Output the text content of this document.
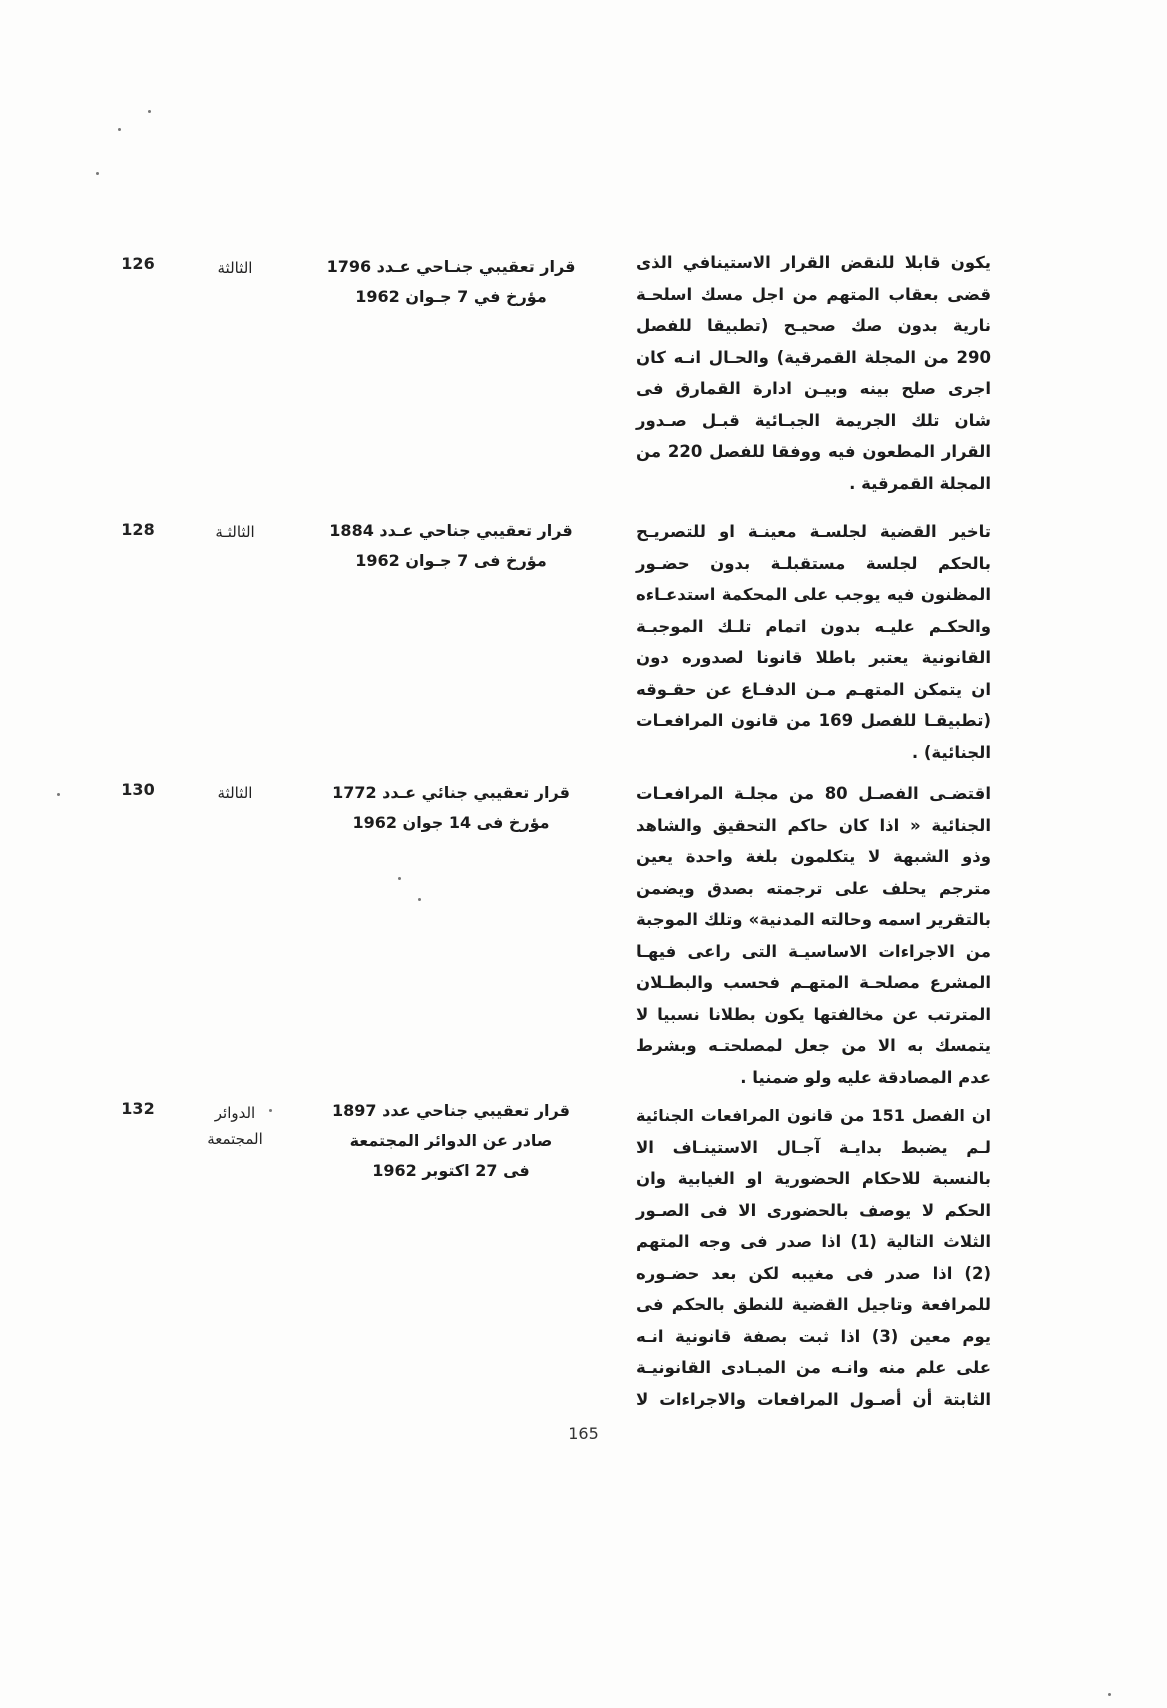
يكون قابلا للنقض القرار الاستينافي الذى
قضى بعقاب المتهم من اجل مسك اسلحـة
نارية بدون صك صحيـح (تطبيقا للفصل
290 من المجلة القمرقية) والحـال انـه كان
اجرى صلح بينه وبيـن ادارة القمارق فى
شان تلك الجريمة الجبـائية قبـل صـدور
القرار المطعون فيه ووفقا للفصل 220 من
المجلة القمرقية .
قرار تعقيبي جنـاحي عـدد 1796
مؤرخ في 7 جـوان 1962
الثالثة
126
تاخير القضية لجلسـة معينـة او للتصريـح
بالحكم لجلسة مستقبلـة بدون حضـور
المظنون فيه يوجب على المحكمة استدعـاءه
والحكـم عليـه بدون اتمام تلـك الموجبـة
القانونية يعتبر باطلا قانونا لصدوره دون
ان يتمكن المتهـم مـن الدفـاع عن حقـوقه
(تطبيقـا للفصل 169 من قانون المرافعـات
الجنائية) .
قرار تعقيبي جناحي عـدد 1884
مؤرخ فى 7 جـوان 1962
الثالثـة
128
اقتضـى الفصـل 80 من مجلـة المرافعـات
الجنائية « اذا كان حاكم التحقيق والشاهد
وذو الشبهة لا يتكلمون بلغة واحدة يعين
مترجم يحلف على ترجمته بصدق ويضمن
بالتقرير اسمه وحالته المدنية» وتلك الموجبة
من الاجراءات الاساسيـة التى راعى فيهـا
المشرع مصلحـة المتهـم فحسب والبطـلان
المترتب عن مخالفتها يكون بطلانا نسبيا لا
يتمسك به الا من جعل لمصلحتـه وبشرط
عدم المصادقة عليه ولو ضمنيا .
قرار تعقيبي جنائي عـدد 1772
مؤرخ فى 14 جوان 1962
الثالثة
130
ان الفصل 151 من قانون المرافعات الجنائية
لـم يضبط بدايـة آجـال الاستينـاف الا
بالنسبة للاحكام الحضورية او الغيابية وان
الحكم لا يوصف بالحضورى الا فى الصـور
الثلاث التالية (1) اذا صدر فى وجه المتهم
(2) اذا صدر فى مغيبه لكن بعد حضـوره
للمرافعة وتاجيل القضية للنطق بالحكم فى
يوم معين (3) اذا ثبت بصفة قانونية انـه
على علم منه وانـه من المبـادى القانونيـة
الثابتة أن أصـول المرافعات والاجراءات لا
قرار تعقيبي جناحي عدد 1897
صادر عن الدوائر المجتمعة
فى 27 اكتوبر 1962
الدوائر
المجتمعة
132
165
